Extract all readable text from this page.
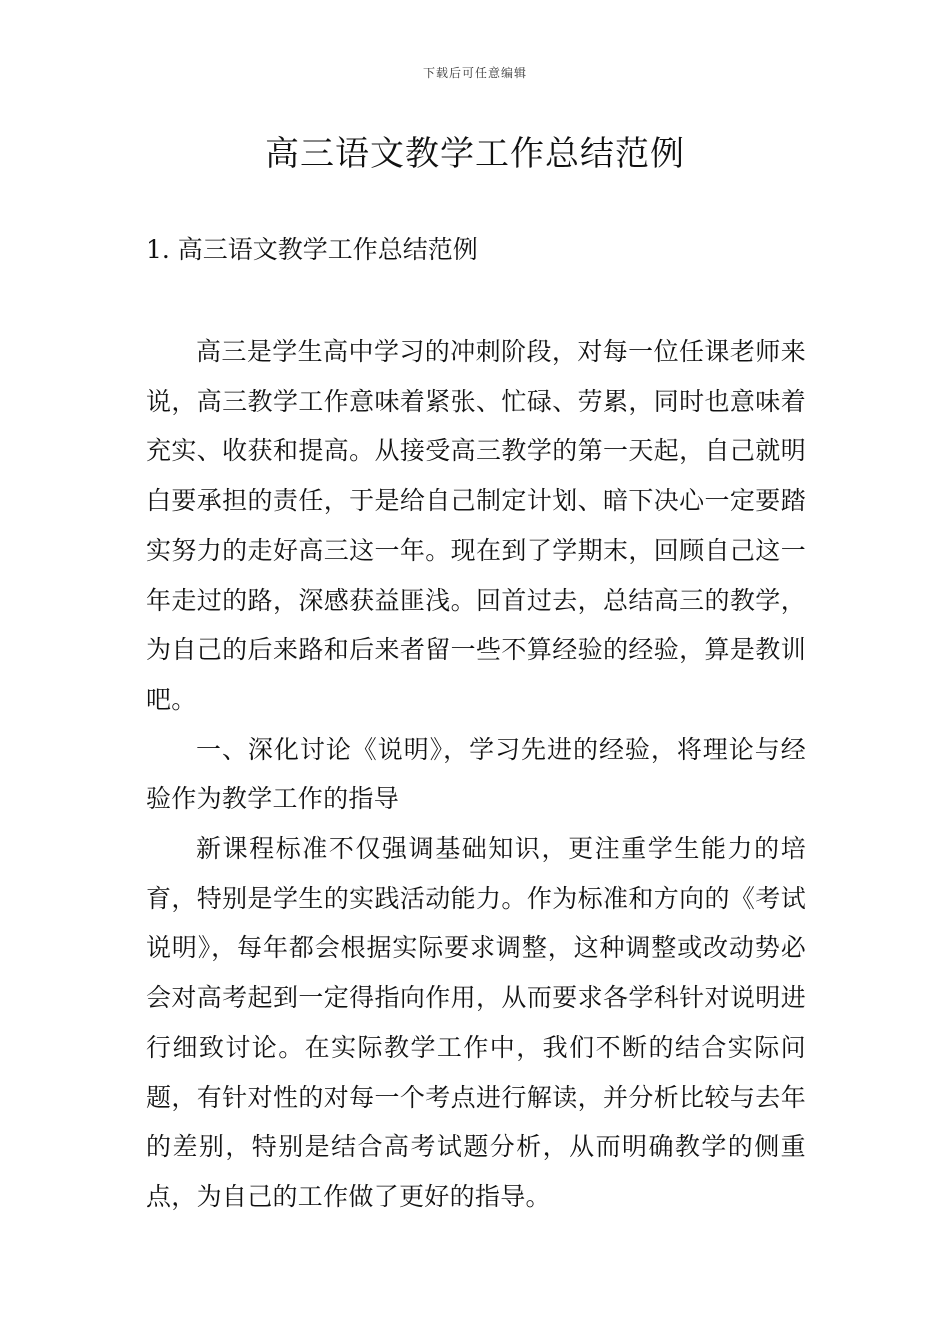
下载后可任意编辑
高三语文教学工作总结范例
1. 高三语文教学工作总结范例

高三是学生高中学习的冲刺阶段，对每一位任课老师来说，高三教学工作意味着紧张、忙碌、劳累，同时也意味着充实、收获和提高。从接受高三教学的第一天起，自己就明白要承担的责任，于是给自己制定计划、暗下决心一定要踏实努力的走好高三这一年。现在到了学期末，回顾自己这一年走过的路，深感获益匪浅。回首过去，总结高三的教学，为自己的后来路和后来者留一些不算经验的经验，算是教训吧。

一、深化讨论《说明》，学习先进的经验，将理论与经验作为教学工作的指导

新课程标准不仅强调基础知识，更注重学生能力的培育，特别是学生的实践活动能力。作为标准和方向的《考试说明》，每年都会根据实际要求调整，这种调整或改动势必会对高考起到一定得指向作用，从而要求各学科针对说明进行细致讨论。在实际教学工作中，我们不断的结合实际问题，有针对性的对每一个考点进行解读，并分析比较与去年的差别，特别是结合高考试题分析，从而明确教学的侧重点，为自己的工作做了更好的指导。
